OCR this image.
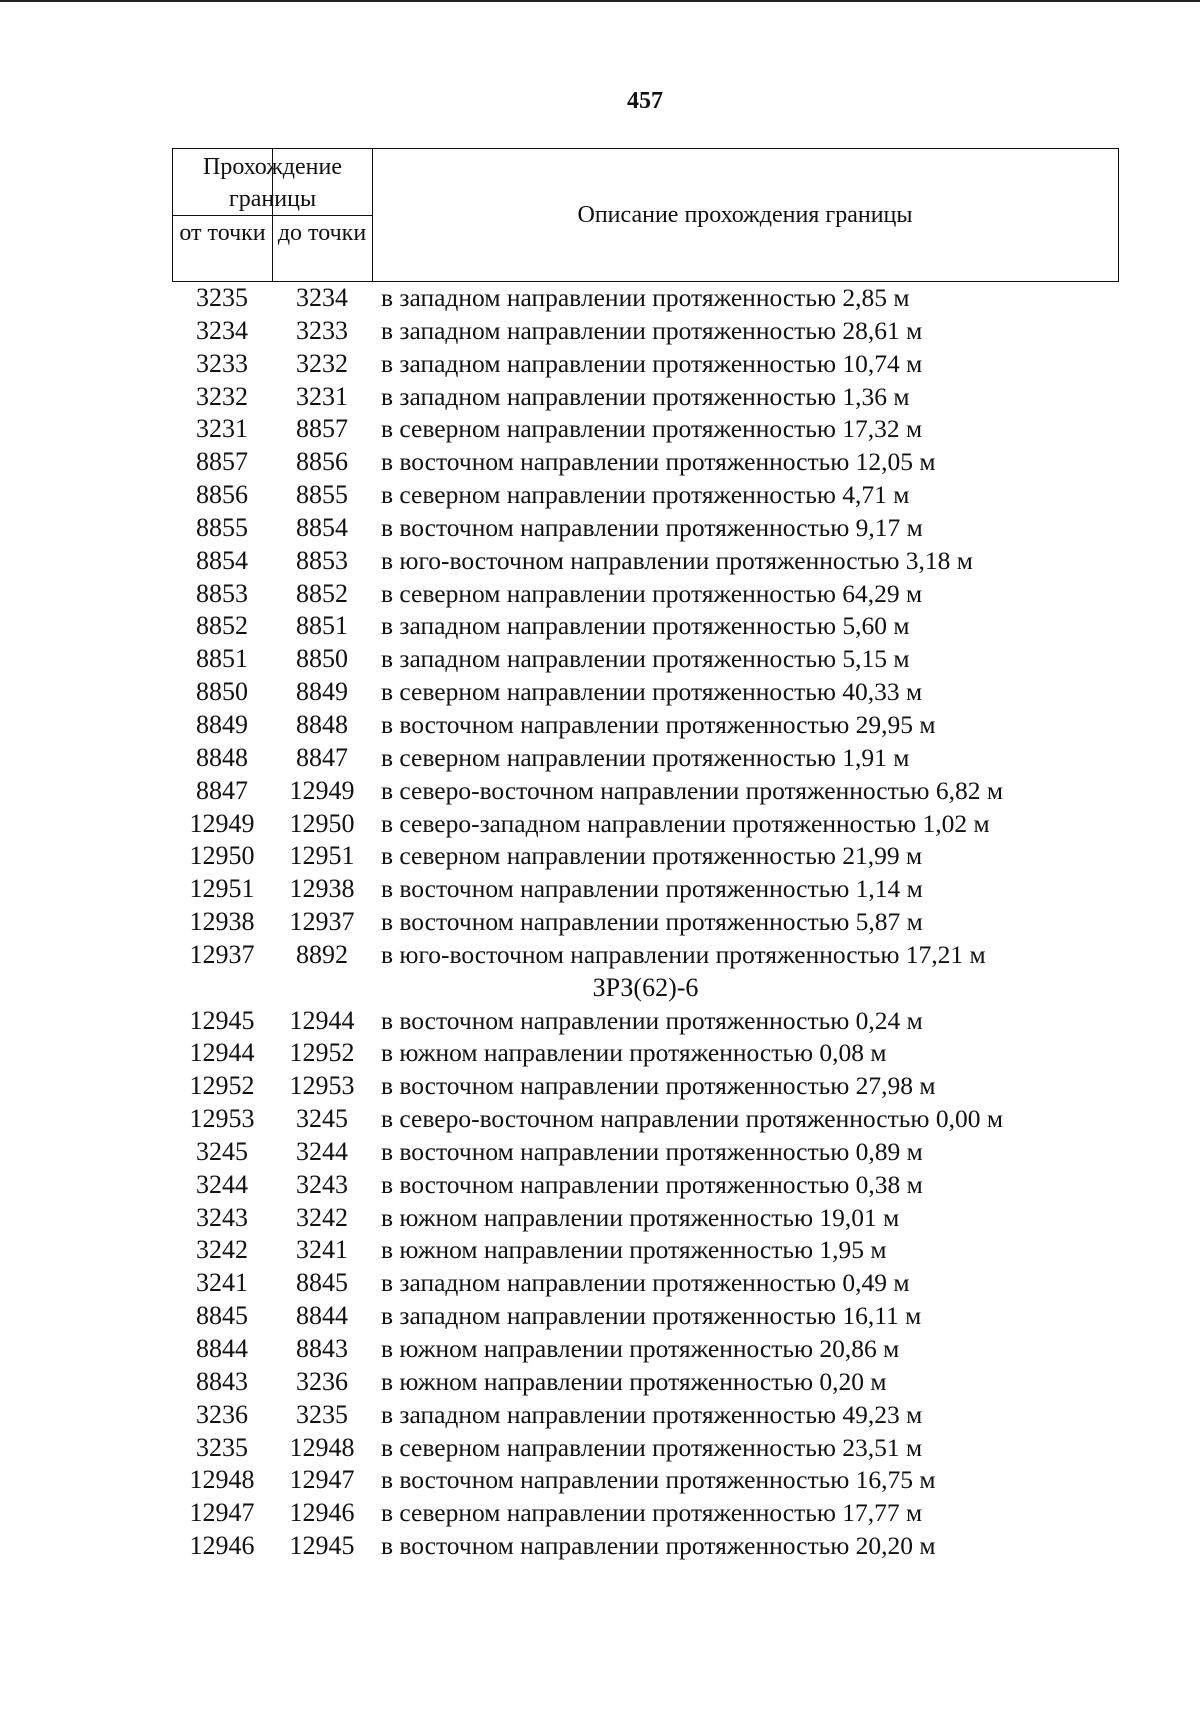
457
Прохождение границы
от точки до точки
Описание прохождения границы
3235	3234	в западном направлении протяженностью 2,85 м
3234	3233	в западном направлении протяженностью 28,61 м
3233	3232	в западном направлении протяженностью 10,74 м
3232	3231	в западном направлении протяженностью 1,36 м
3231	8857	в северном направлении протяженностью 17,32 м
8857	8856	в восточном направлении протяженностью 12,05 м
8856	8855	в северном направлении протяженностью 4,71 м
8855	8854	в восточном направлении протяженностью 9,17 м
8854	8853	в юго-восточном направлении протяженностью 3,18 м
8853	8852	в северном направлении протяженностью 64,29 м
8852	8851	в западном направлении протяженностью 5,60 м
8851	8850	в западном направлении протяженностью 5,15 м
8850	8849	в северном направлении протяженностью 40,33 м
8849	8848	в восточном направлении протяженностью 29,95 м
8848	8847	в северном направлении протяженностью 1,91 м
8847	12949	в северо-восточном направлении протяженностью 6,82 м
12949	12950	в северо-западном направлении протяженностью 1,02 м
12950	12951	в северном направлении протяженностью 21,99 м
12951	12938	в восточном направлении протяженностью 1,14 м
12938	12937	в восточном направлении протяженностью 5,87 м
12937	8892	в юго-восточном направлении протяженностью 17,21 м
ЗРЗ(62)-6
12945	12944	в восточном направлении протяженностью 0,24 м
12944	12952	в южном направлении протяженностью 0,08 м
12952	12953	в восточном направлении протяженностью 27,98 м
12953	3245	в северо-восточном направлении протяженностью 0,00 м
3245	3244	в восточном направлении протяженностью 0,89 м
3244	3243	в восточном направлении протяженностью 0,38 м
3243	3242	в южном направлении протяженностью 19,01 м
3242	3241	в южном направлении протяженностью 1,95 м
3241	8845	в западном направлении протяженностью 0,49 м
8845	8844	в западном направлении протяженностью 16,11 м
8844	8843	в южном направлении протяженностью 20,86 м
8843	3236	в южном направлении протяженностью 0,20 м
3236	3235	в западном направлении протяженностью 49,23 м
3235	12948	в северном направлении протяженностью 23,51 м
12948	12947	в восточном направлении протяженностью 16,75 м
12947	12946	в северном направлении протяженностью 17,77 м
12946	12945	в восточном направлении протяженностью 20,20 м
